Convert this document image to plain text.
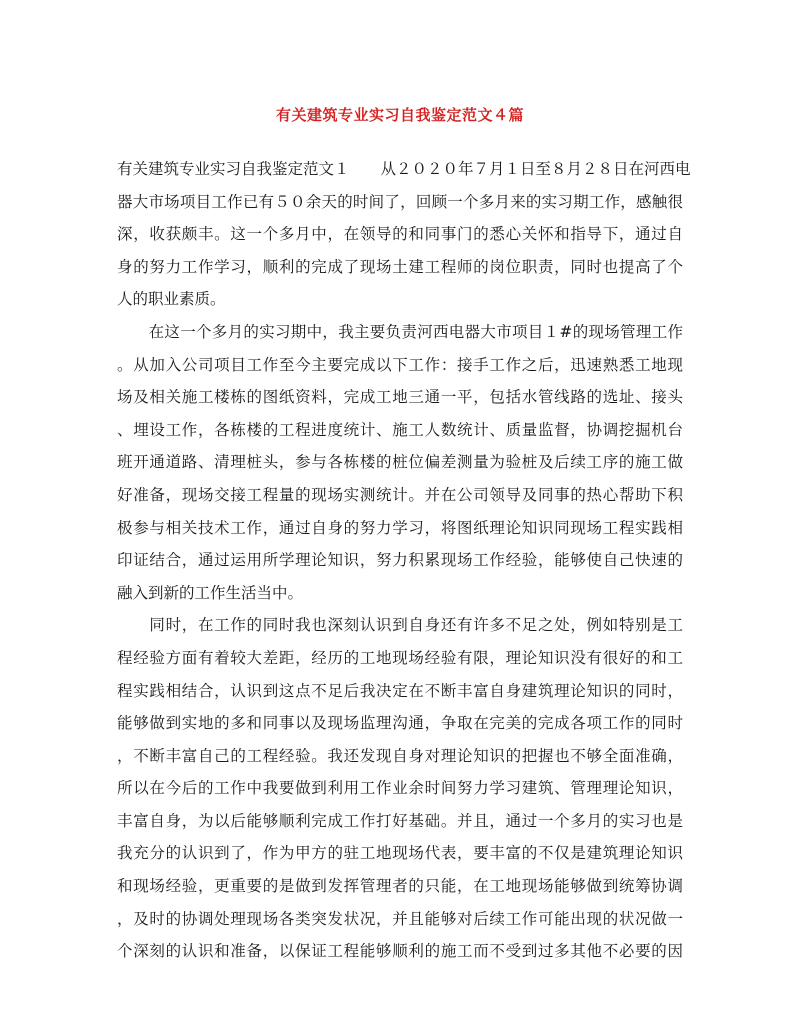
有关建筑专业实习自我鉴定范文４篇
有关建筑专业实习自我鉴定范文１　　从２０２０年７月１日至８月２８日在河西电
器大市场项目工作已有５０余天的时间了，回顾一个多月来的实习期工作，感触很
深，收获颇丰。这一个多月中，在领导的和同事门的悉心关怀和指导下，通过自
身的努力工作学习，顺利的完成了现场土建工程师的岗位职责，同时也提高了个
人的职业素质。
　　在这一个多月的实习期中，我主要负责河西电器大市项目１#的现场管理工作
。从加入公司项目工作至今主要完成以下工作：接手工作之后，迅速熟悉工地现
场及相关施工楼栋的图纸资料，完成工地三通一平，包括水管线路的选址、接头
、埋设工作，各栋楼的工程进度统计、施工人数统计、质量监督，协调挖掘机台
班开通道路、清理桩头，参与各栋楼的桩位偏差测量为验桩及后续工序的施工做
好准备，现场交接工程量的现场实测统计。并在公司领导及同事的热心帮助下积
极参与相关技术工作，通过自身的努力学习，将图纸理论知识同现场工程实践相
印证结合，通过运用所学理论知识，努力积累现场工作经验，能够使自己快速的
融入到新的工作生活当中。
　　同时，在工作的同时我也深刻认识到自身还有许多不足之处，例如特别是工
程经验方面有着较大差距，经历的工地现场经验有限，理论知识没有很好的和工
程实践相结合，认识到这点不足后我决定在不断丰富自身建筑理论知识的同时，
能够做到实地的多和同事以及现场监理沟通，争取在完美的完成各项工作的同时
，不断丰富自己的工程经验。我还发现自身对理论知识的把握也不够全面准确，
所以在今后的工作中我要做到利用工作业余时间努力学习建筑、管理理论知识，
丰富自身，为以后能够顺利完成工作打好基础。并且，通过一个多月的实习也是
我充分的认识到了，作为甲方的驻工地现场代表，要丰富的不仅是建筑理论知识
和现场经验，更重要的是做到发挥管理者的只能，在工地现场能够做到统筹协调
，及时的协调处理现场各类突发状况，并且能够对后续工作可能出现的状况做一
个深刻的认识和准备，以保证工程能够顺利的施工而不受到过多其他不必要的因
